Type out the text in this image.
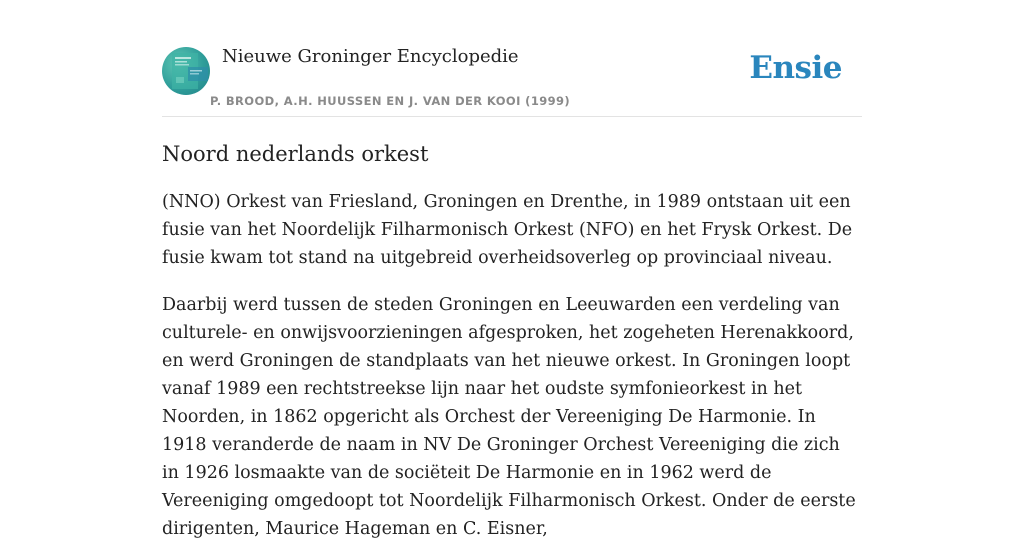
Nieuwe Groninger Encyclopedie
P. BROOD, A.H. HUUSSEN EN J. VAN DER KOOI (1999)
Ensie
Noord nederlands orkest

(NNO) Orkest van Friesland, Groningen en Drenthe, in 1989 ontstaan uit een fusie van het Noordelijk Filharmonisch Orkest (NFO) en het Frysk Orkest. De fusie kwam tot stand na uitgebreid overheidsoverleg op provinciaal niveau.

Daarbij werd tussen de steden Groningen en Leeuwarden een verdeling van culturele- en onwijsvoorzieningen afgesproken, het zogeheten Herenakkoord, en werd Groningen de standplaats van het nieuwe orkest. In Groningen loopt vanaf 1989 een rechtstreekse lijn naar het oudste symfonieorkest in het Noorden, in 1862 opgericht als Orchest der Vereeniging De Harmonie. In 1918 veranderde de naam in NV De Groninger Orchest Vereeniging die zich in 1926 losmaakte van de sociëteit De Harmonie en in 1962 werd de Vereeniging omgedoopt tot Noordelijk Filharmonisch Orkest. Onder de eerste dirigenten, Maurice Hageman en C. Eisner,
